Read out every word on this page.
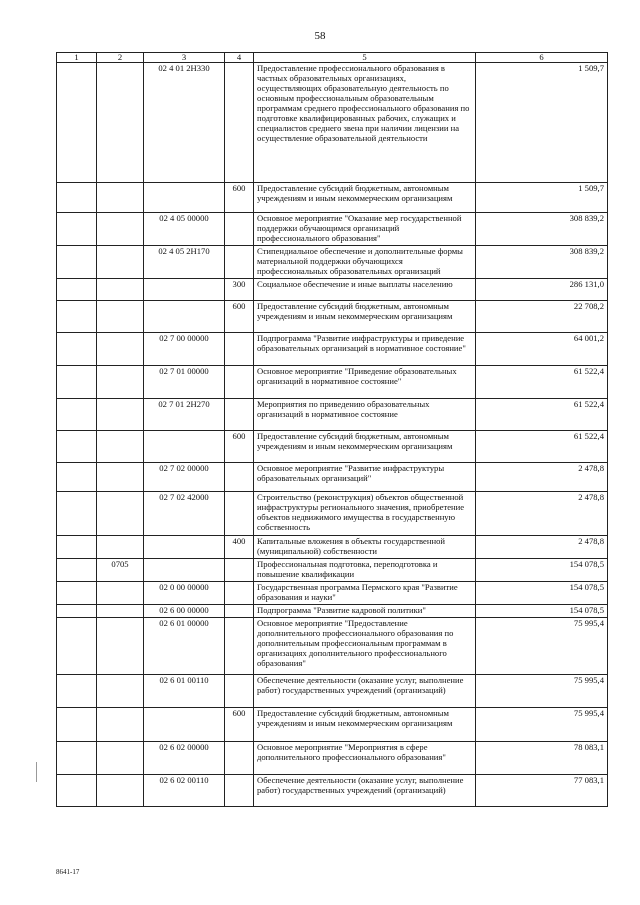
58
1	2	3	4	5	6
		02 4 01 2Н330		Предоставление профессионального образования в частных образовательных организациях, осуществляющих образовательную деятельность по основным профессиональным образовательным программам среднего профессионального образования по подготовке квалифицированных рабочих, служащих и специалистов среднего звена при наличии лицензии на осуществление образовательной деятельности	1 509,7
			600	Предоставление субсидий бюджетным, автономным учреждениям и иным некоммерческим организациям	1 509,7
		02 4 05 00000		Основное мероприятие "Оказание мер государственной поддержки обучающимся организаций профессионального образования"	308 839,2
		02 4 05 2Н170		Стипендиальное обеспечение и дополнительные формы материальной поддержки обучающихся профессиональных образовательных организаций	308 839,2
			300	Социальное обеспечение и иные выплаты населению	286 131,0
			600	Предоставление субсидий бюджетным, автономным учреждениям и иным некоммерческим организациям	22 708,2
		02 7 00 00000		Подпрограмма "Развитие инфраструктуры и приведение образовательных организаций в нормативное состояние"	64 001,2
		02 7 01 00000		Основное мероприятие "Приведение образовательных организаций в нормативное состояние"	61 522,4
		02 7 01 2Н270		Мероприятия по приведению образовательных организаций в нормативное состояние	61 522,4
			600	Предоставление субсидий бюджетным, автономным учреждениям и иным некоммерческим организациям	61 522,4
		02 7 02 00000		Основное мероприятие "Развитие инфраструктуры образовательных организаций"	2 478,8
		02 7 02 42000		Строительство (реконструкция) объектов общественной инфраструктуры регионального значения, приобретение объектов недвижимого имущества в государственную собственность	2 478,8
			400	Капитальные вложения в объекты государственной (муниципальной) собственности	2 478,8
	0705			Профессиональная подготовка, переподготовка и повышение квалификации	154 078,5
		02 0 00 00000		Государственная программа Пермского края "Развитие образования и науки"	154 078,5
		02 6 00 00000		Подпрограмма "Развитие кадровой политики"	154 078,5
		02 6 01 00000		Основное мероприятие "Предоставление дополнительного профессионального образования по дополнительным профессиональным программам в организациях дополнительного профессионального образования"	75 995,4
		02 6 01 00110		Обеспечение деятельности (оказание услуг, выполнение работ) государственных учреждений (организаций)	75 995,4
			600	Предоставление субсидий бюджетным, автономным учреждениям и иным некоммерческим организациям	75 995,4
		02 6 02 00000		Основное мероприятие "Мероприятия в сфере дополнительного профессионального образования"	78 083,1
		02 6 02 00110		Обеспечение деятельности (оказание услуг, выполнение работ) государственных учреждений (организаций)	77 083,1
8641-17
